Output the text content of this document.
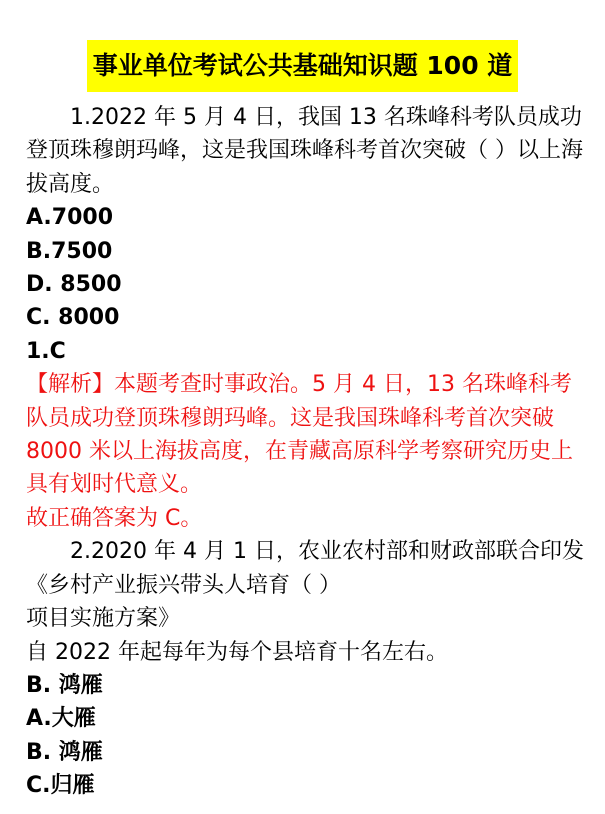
事业单位考试公共基础知识题 100 道

1.2022 年 5 月 4 日，我国 13 名珠峰科考队员成功登顶珠穆朗玛峰，这是我国珠峰科考首次突破（ ）以上海拔高度。

A.7000

B.7500

D. 8500

C. 8000

1.C

【解析】本题考查时事政治。5 月 4 日，13 名珠峰科考队员成功登顶珠穆朗玛峰。这是我国珠峰科考首次突破 8000 米以上海拔高度，在青藏高原科学考察研究历史上具有划时代意义。

故正确答案为 C。

2.2020 年 4 月 1 日，农业农村部和财政部联合印发《乡村产业振兴带头人培育（ ）

项目实施方案》

自 2022 年起每年为每个县培育十名左右。

B. 鸿雁

A.大雁

B. 鸿雁

C.归雁
